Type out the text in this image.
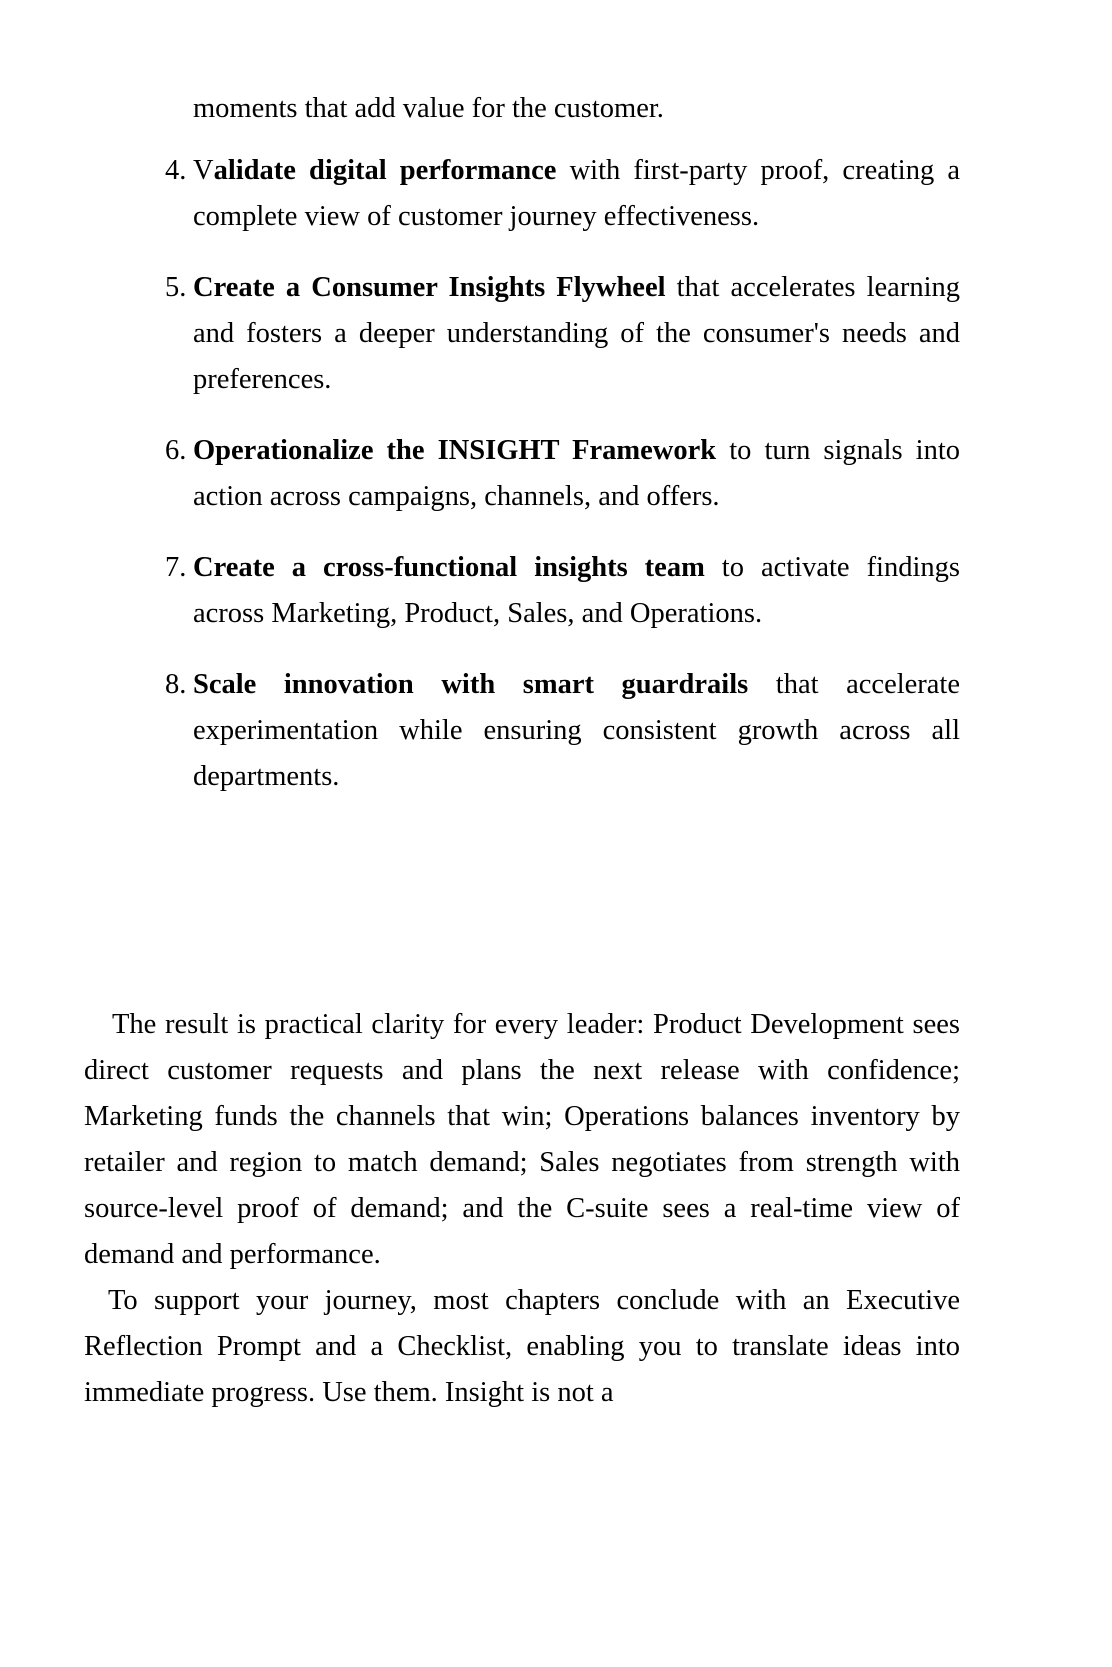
moments that add value for the customer.
4. Validate digital performance with first-party proof, creating a complete view of customer journey effectiveness.
5. Create a Consumer Insights Flywheel that accelerates learning and fosters a deeper understanding of the consumer's needs and preferences.
6. Operationalize the INSIGHT Framework to turn signals into action across campaigns, channels, and offers.
7. Create a cross-functional insights team to activate findings across Marketing, Product, Sales, and Operations.
8. Scale innovation with smart guardrails that accelerate experimentation while ensuring consistent growth across all departments.

The result is practical clarity for every leader: Product Development sees direct customer requests and plans the next release with confidence; Marketing funds the channels that win; Operations balances inventory by retailer and region to match demand; Sales negotiates from strength with source-level proof of demand; and the C-suite sees a real-time view of demand and performance.

To support your journey, most chapters conclude with an Executive Reflection Prompt and a Checklist, enabling you to translate ideas into immediate progress. Use them. Insight is not a
